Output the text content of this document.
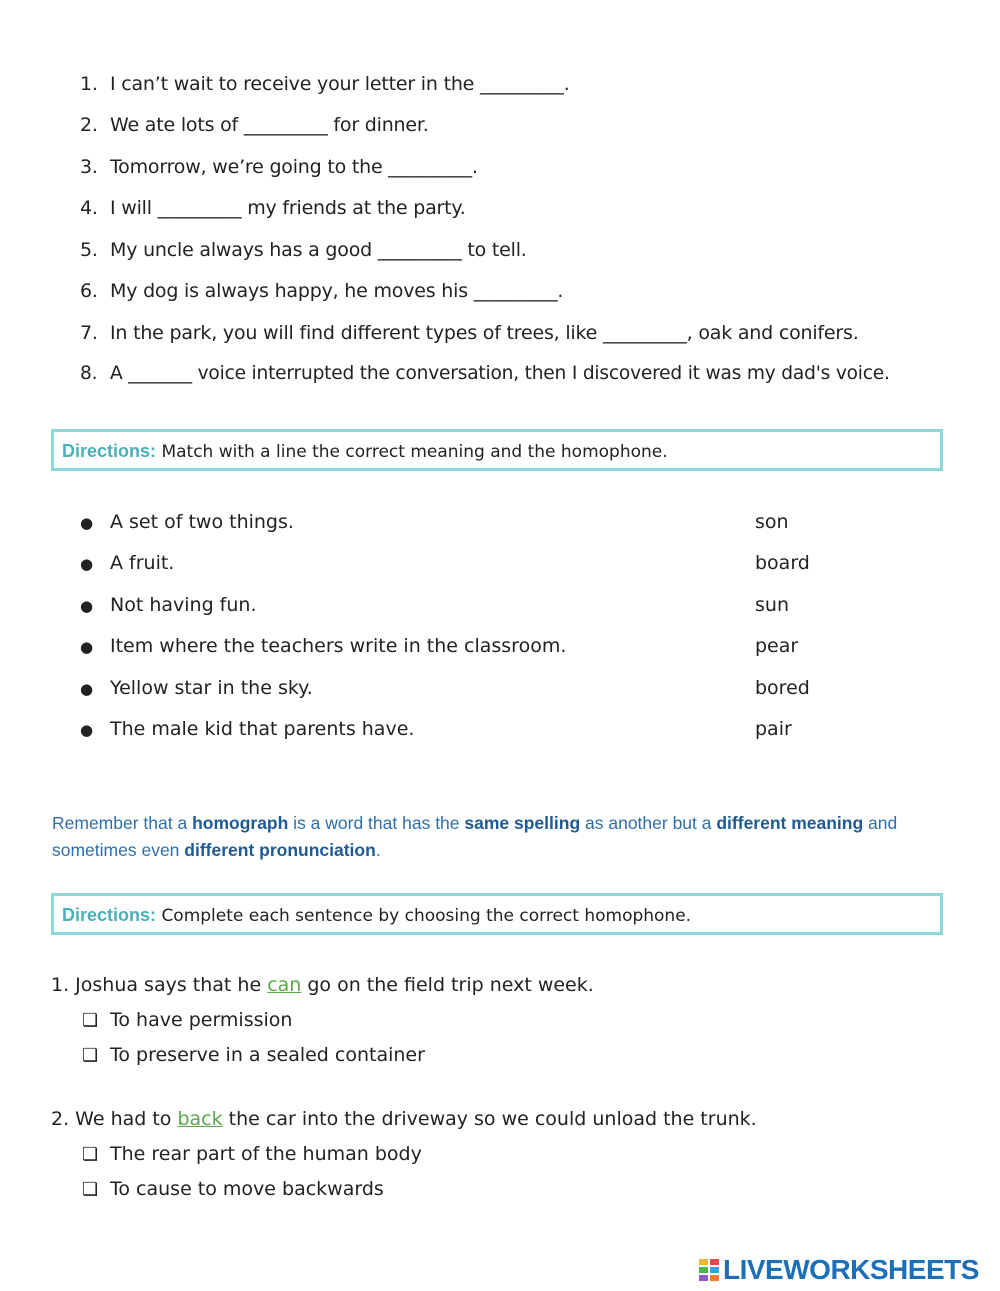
1. I can’t wait to receive your letter in the _________.
2. We ate lots of _________ for dinner.
3. Tomorrow, we’re going to the _________.
4. I will _________ my friends at the party.
5. My uncle always has a good _________ to tell.
6. My dog is always happy, he moves his _________.
7. In the park, you will find different types of trees, like _________, oak and conifers.
8. A _______ voice interrupted the conversation, then I discovered it was my dad's voice.
Directions: Match with a line the correct meaning and the homophone.
● A set of two things.	son
● A fruit.	board
● Not having fun.	sun
● Item where the teachers write in the classroom.	pear
● Yellow star in the sky.	bored
● The male kid that parents have.	pair
Remember that a homograph is a word that has the same spelling as another but a different meaning and sometimes even different pronunciation.
Directions: Complete each sentence by choosing the correct homophone.
1. Joshua says that he can go on the field trip next week.
❏ To have permission
❏ To preserve in a sealed container
2. We had to back the car into the driveway so we could unload the trunk.
❏ The rear part of the human body
❏ To cause to move backwards
LIVEWORKSHEETS
